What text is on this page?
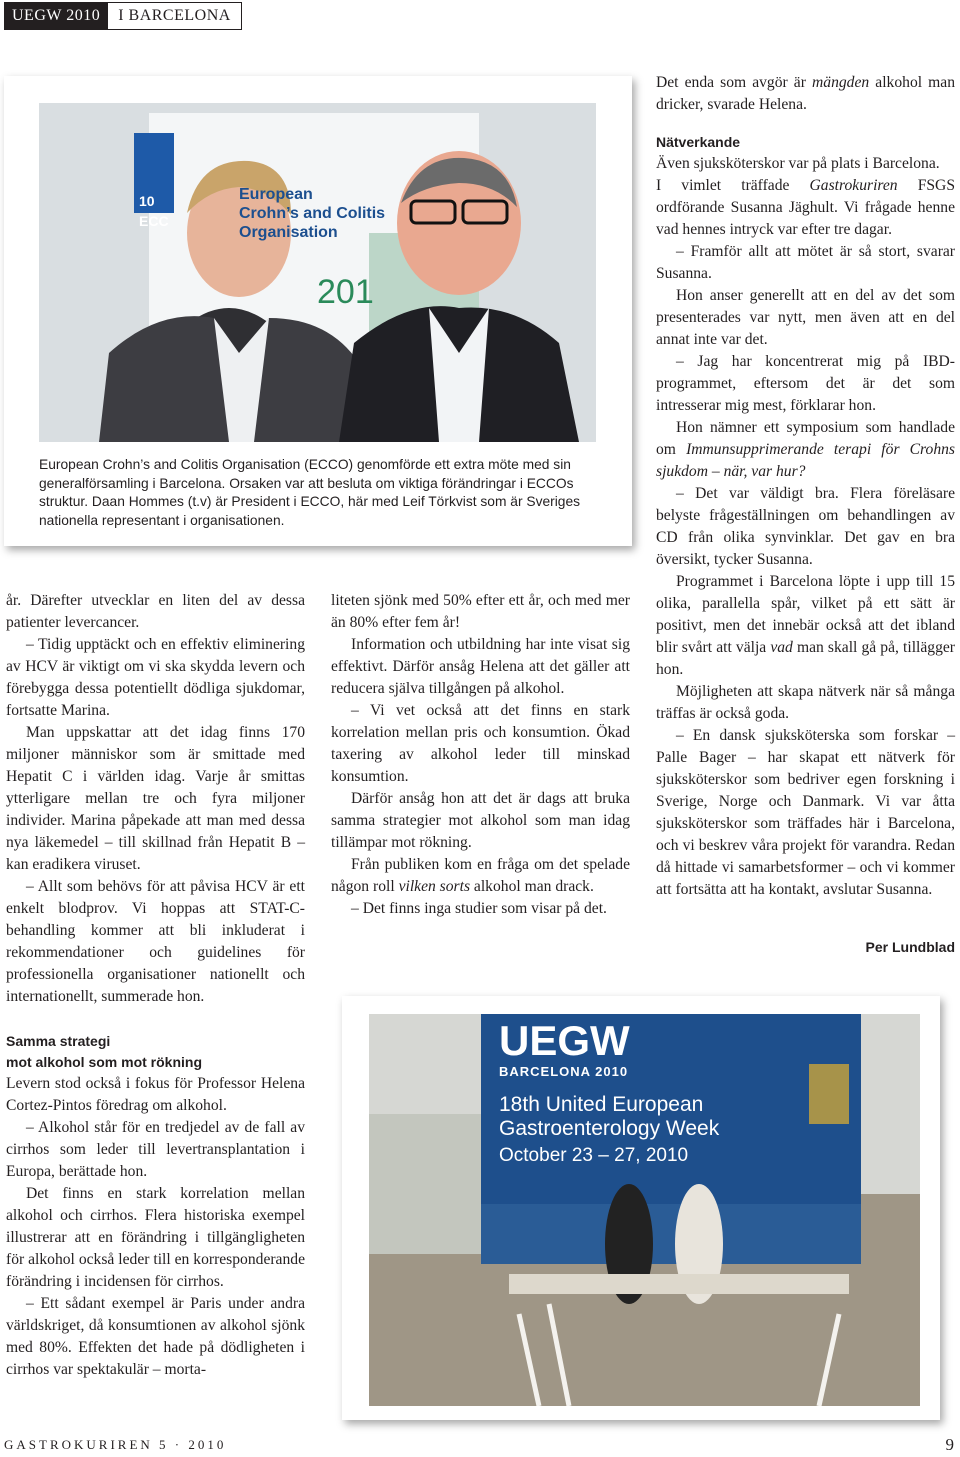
UEGW 2010	I BARCELONA
European
Crohn’s and Colitis
Organisation
10
ECC
201
European Crohn’s and Colitis Organisation (ECCO) genomförde ett extra möte med sin generalförsamling i Barcelona. Orsaken var att besluta om viktiga förändringar i ECCOs struktur. Daan Hommes (t.v) är President i ECCO, här med Leif Törkvist som är Sveriges nationella representant i organisationen.
UEGW
BARCELONA 2010
18th United European
Gastroenterology Week
October 23 – 27, 2010

år. Därefter utvecklar en liten del av dessa patienter levercancer.

– Tidig upptäckt och en effektiv eliminering av HCV är viktigt om vi ska skydda levern och förebygga dessa potentiellt dödliga sjukdomar, fortsatte Marina.

Man uppskattar att det idag finns 170 miljoner människor som är smittade med Hepatit C i världen idag. Varje år smittas ytterligare mellan tre och fyra miljoner individer. Marina påpekade att man med dessa nya läkemedel – till skillnad från Hepatit B – kan eradikera viruset.

– Allt som behövs för att påvisa HCV är ett enkelt blodprov. Vi hoppas att STAT-C-behandling kommer att bli inkluderat i rekommendationer och guidelines för professionella organisationer nationellt och internationellt, summerade hon.

Samma strategi
mot alkohol som mot rökning

Levern stod också i fokus för Professor Helena Cortez-Pintos föredrag om alkohol.

– Alkohol står för en tredjedel av de fall av cirrhos som leder till levertransplantation i Europa, berättade hon.

Det finns en stark korrelation mellan alkohol och cirrhos. Flera historiska exempel illustrerar att en förändring i tillgängligheten för alkohol också leder till en korresponderande förändring i incidensen för cirrhos.

– Ett sådant exempel är Paris under andra världskriget, då konsumtionen av alkohol sjönk med 80%. Effekten det hade på dödligheten i cirrhos var spektakulär – morta-

liteten sjönk med 50% efter ett år, och med mer än 80% efter fem år!

Information och utbildning har inte visat sig effektivt. Därför ansåg Helena att det gäller att reducera själva tillgången på alkohol.

– Vi vet också att det finns en stark korrelation mellan pris och konsumtion. Ökad taxering av alkohol leder till minskad konsumtion.

Därför ansåg hon att det är dags att bruka samma strategier mot alkohol som man idag tillämpar mot rökning.

Från publiken kom en fråga om det spelade någon roll vilken sorts alkohol man drack.

– Det finns inga studier som visar på det.

Det enda som avgör är mängden alkohol man dricker, svarade Helena.

Nätverkande

Även sjuksköterskor var på plats i Barcelona.

I vimlet träffade Gastrokuriren FSGS ordförande Susanna Jäghult. Vi frågade henne vad hennes intryck var efter tre dagar.

– Framför allt att mötet är så stort, svarar Susanna.

Hon anser generellt att en del av det som presenterades var nytt, men även att en del annat inte var det.

– Jag har koncentrerat mig på IBD-programmet, eftersom det är det som intresserar mig mest, förklarar hon.

Hon nämner ett symposium som handlade om Immunsupprimerande terapi för Crohns sjukdom – när, var hur?

– Det var väldigt bra. Flera föreläsare belyste frågeställningen om behandlingen av CD från olika synvinklar. Det gav en bra översikt, tycker Susanna.

Programmet i Barcelona löpte i upp till 15 olika, parallella spår, vilket på ett sätt är positivt, men det innebär också att det ibland blir svårt att välja vad man skall gå på, tillägger hon.

Möjligheten att skapa nätverk när så många träffas är också goda.

– En dansk sjuksköterska som forskar – Palle Bager – har skapat ett nätverk för sjuksköterskor som bedriver egen forskning i Sverige, Norge och Danmark. Vi var åtta sjuksköterskor som träffades här i Barcelona, och vi beskrev våra projekt för varandra. Redan då hittade vi samarbetsformer – och vi kommer att fortsätta att ha kontakt, avslutar Susanna.

Per Lundblad
GASTROKURIREN 5 · 2010	9
